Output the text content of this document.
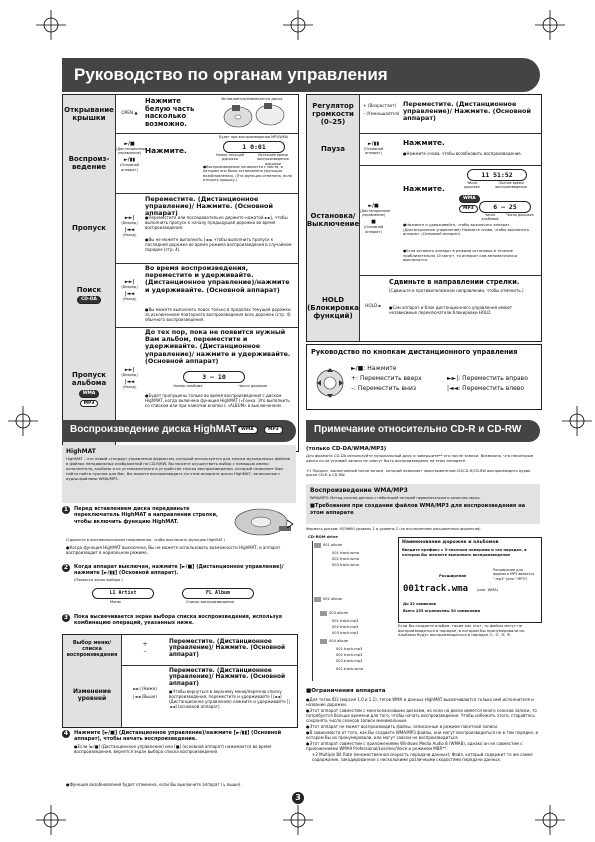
Руководство по органам управления
Открывание крышки
OPEN ▲
Нажмите белую часть насколько возможно.
Вставляется/извлекается диска
Воспроиз-ведение
►/■
(Дистанционное управление)
►/▮▮
(Основной аппарат)
Нажмите.
Будет при воспроизведении MP3/WMA
1 0:01
Номер текущей дорожки
Истекшее время воспроизведения дорожки
●Воспроизведение начинается с места, в котором оно было остановлено (функция возобновления). (Эта функция отменена, если открыть крышку.)
Пропуск
►►|
(Вперед)
|◄◄
(Назад)
Переместите. (Дистанционное управление)/ Нажмите. (Основной аппарат)
●Переместите или последовательно держите нажатой ►►|, чтобы выполнить пропуск к началу предыдущей дорожки во время воспроизведения.
●Вы не можете выполнить |◄◄, чтобы выполнить пропуск к последней дорожке во время режима воспроизведения в случайном порядке (стр. 4).
Поиск
CD-DA
►►|
(Вперед)
|◄◄
(Назад)
Во время воспроизведения, переместите и удерживайте. (Дистанционное управление)/нажмите и удерживайте. (Основной аппарат)
●Вы можете выполнить поиск только в пределах текущей дорожки за исключением повторного воспроизведения всех дорожек (стр. 4) обычного воспроизведения.
Пропуск альбома
WMA
MP3
►►|
(Вперед)
|◄◄
(Назад)
До тех пор, пока не появится нужный Вам альбом, переместите и удерживайте. (Дистанционное управление)/ нажмите и удерживайте. (Основной аппарат)
3 – 10
Номер альбома	Число дорожек
●Будет пропущены только во время воспроизведения с диском HighMAT, когда включена функция HighMAT («Гонка. Это выполнить со списком или при нажатии кнопки с «ALBUM» в выключенном.
Регулятор громкости (0–25)
+ (Возрастает)
– (Уменьшается)
Переместите. (Дистанционное управление)/ Нажмите. (Основной аппарат)
Пауза
►/▮▮
(Основной аппарат)
Нажмите.
●Нажмите снова, чтобы возобновить воспроизведение.
Остановка/ Выключение
►/■
(Дистанционное управление)
■
(Основной аппарат)
Нажмите.
11 51:52
Число дорожек
Полное время воспроизведения
WMA
MP3	6 — 25
Число альбомов
Число дорожек
●Нажмите и удерживайте, чтобы выключить аппарат. (Дистанционное управление) Нажмите снова, чтобы выключить аппарат. (Основной аппарат)
●Если оставить аппарат в режиме остановки в течение приблизительно 10 минут, то аппарат сам автоматически выключится.
HOLD (Блокировка функций)
HOLD ►
Сдвиньте в направлении стрелки.
(Сдвиньте в противоположном направлении, чтобы отменить.)
●Сам аппарат и блок дистанционного управления имеют независимые переключатели блокировки HOLD.
Руководство по кнопкам дистанционного управления
►/■: Нажмите
+: Переместить вверх
–: Переместить вниз
►►|: Переместить вправо
|◄◄: Переместить влево
Воспроизведение диска HighMAT WMA	MP3	Примечание относительно CD-R и CD-RW
HighMAT
HighMAT – это новый стандарт управления форматом, который используется для записи музыкальных файлов в файлах неподвижных изображений на CD-R/RW. Вы можете осуществить выбор с помощью имени исполнителя, альбома и из установленного в устройстве списка воспроизведения, который позволяет Вам найти найти нужное для Вас. Вы можете воспроизводить на этом аппарате диски HighMAT, записанные с аудио-файлами WMA/MP3.
1 Перед вставлением диска передвиньте переключатель HighMAT в направлении стрелки, чтобы включить функцию HighMAT.
(Сдвиньте в противоположном направлении, чтобы выключить функцию HighMAT.)
●Когда функция HighMAT выключена, Вы не можете использовать возможности HighMAT, и аппарат воспроизводит в нормальном режиме.
2 Когда аппарат выключен, нажмите [►/■] (Дистанционное управление)/ нажмите [►/▮▮] (Основной аппарат).
(Появится экран выбора.)
L1 Artist	FL Album
Меню	Список воспроизведения
3 Пока высвечивается экран выбора списка воспроизведения, используя комбинацию операций, указанных ниже.
Выбор меню/ списка воспроизведения
+
–
Переместите. (Дистанционное управление)/ Нажмите. (Основной аппарат)
Изменение уровней
►►| (Ниже)
|◄◄ (Выше)
Переместите. (Дистанционное управление)/ Нажмите. (Основной аппарат)
●Чтобы вернуться в верхнему меню/перечню списку воспроизведения, переместите и удерживайте [|◄◄] (Дистанционное управление) нажмите и удерживайте [|◄◄] (основной аппарат).
4 Нажмите [►/■] (Дистанционное управление)/нажмите [►/▮▮] (Основной аппарат), чтобы начать воспроизведение.
●Если [►/■] (Дистанционное управление) или [■] (основной аппарат) нажимается во время воспроизведения, вернется экран выбора списка воспроизведения.
●Функция возобновления будет отменена, если Вы выключите аппарат (↳ выше).
3
(только CD-DA/WMA/MP3)
Для формата CD-DA используйте музыкальный диск и завершите** это после записи. Возможно, что некоторые диски из-за условий записи не смогут быть воспроизведены на этом аппарате.
✳1 Процесс, выполняемый после записи, который позволяет проигрывателям CD/CD-R/CD-RW воспроизводить аудио диски CD-R и CD-RW.
Воспроизведение WMA/MP3
WMA/MP3: Метод сжатия данных с небольшой потерей первоначального качества звука.
■Требования при создании файлов WMA/MP3 для воспроизведения на этом аппарате
Формать дисков: ISO9660 уровень 1 и уровень 2 (за исключением расширенных форматов)
CD-ROM drive
001 album
001 track.wma
002 track.wma
003 track.wma
002 album
003 album
001 track.mp3
002 track.mp3
003 track.mp3
004 album
001 track.mp3
002 track.mp3
003 track.mp3
001 track.wma
Наименование дорожек и альбомов
Введите префикс с 3-значным номерами и так порядке, в котором Вы желаете выполнить воспроизведение
Расширение
Расширение для формата MP3 является ".mp3" (или ".MP3")
001track.wma (или .WMA)
До 32 символов
Всего 255 ограничены 30 символами
Если Вы создаете альбом, такие как этот, то файлы могут не воспроизводиться в порядке, в котором Вы пронумеровали их. Альбомы будут воспроизводиться в порядке ①, ②, ③, ④.
■Ограничения аппарата
●Для тегов ID3 (версия 1.0 и 1.1), тегов WMA и данных HighMAT высвечиваются только имя исполнителя и название дорожки.
●Этот аппарат совместим с многосеансовыми дисками, но если на диске имеется много сеансов записи, то потребуется больше времени для того, чтобы начать воспроизведение. Чтобы избежать этого, старайтесь сохранять число сеансов записи минимальным.
●Этот аппарат не может воспроизводить файлы, записанные в режиме пакетной записи.
●В зависимости от того, как Вы создаете WMA/MP3 файлы, они могут воспроизводиться не в том порядке, в котором Вы их пронумеровали, или могут совсем не воспроизводиться.
●Этот аппарат совместим с приложениями Windows Media Audio 8 (WMA8), однако он не совместим с приложениями WMA9 Professional/Lossless/Voice и режимом MBR**.
✳2 Multiple Bit Rate (множественная скорость передачи данных): Файл, который содержит то же самое содержание, закодированное с несколькими различными скоростями передачи данных.
